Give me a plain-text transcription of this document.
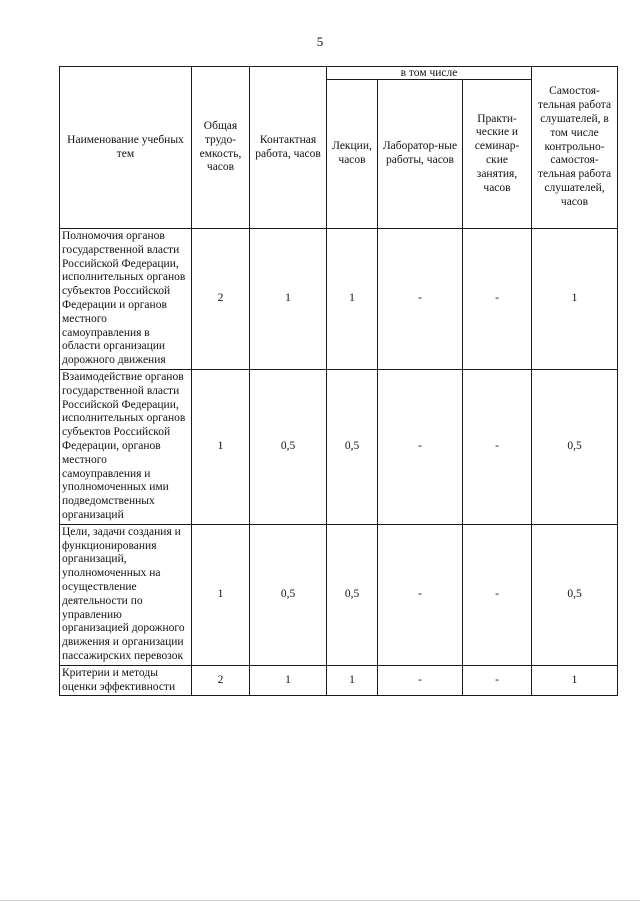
5
Наименование учебных тем	Общая трудо-емкость, часов	Контактная работа, часов	в том числе			Самостоя-тельная работа слушателей, в том числе контрольно-самостоя-тельная работа слушателей, часов
			Лекции, часов	Лаборатор-ные работы, часов	Практи-ческие и семинар-ские занятия, часов	
Полномочия органов государственной власти Российской Федерации, исполнительных органов субъектов Российской Федерации и органов местного самоуправления в области организации дорожного движения	2	1	1	-	-	1
Взаимодействие органов государственной власти Российской Федерации, исполнительных органов субъектов Российской Федерации, органов местного самоуправления и уполномоченных ими подведомственных организаций	1	0,5	0,5	-	-	0,5
Цели, задачи создания и функционирования организаций, уполномоченных на осуществление деятельности по управлению организацией дорожного движения и организации пассажирских перевозок	1	0,5	0,5	-	-	0,5
Критерии и методы оценки эффективности	2	1	1	-	-	1
